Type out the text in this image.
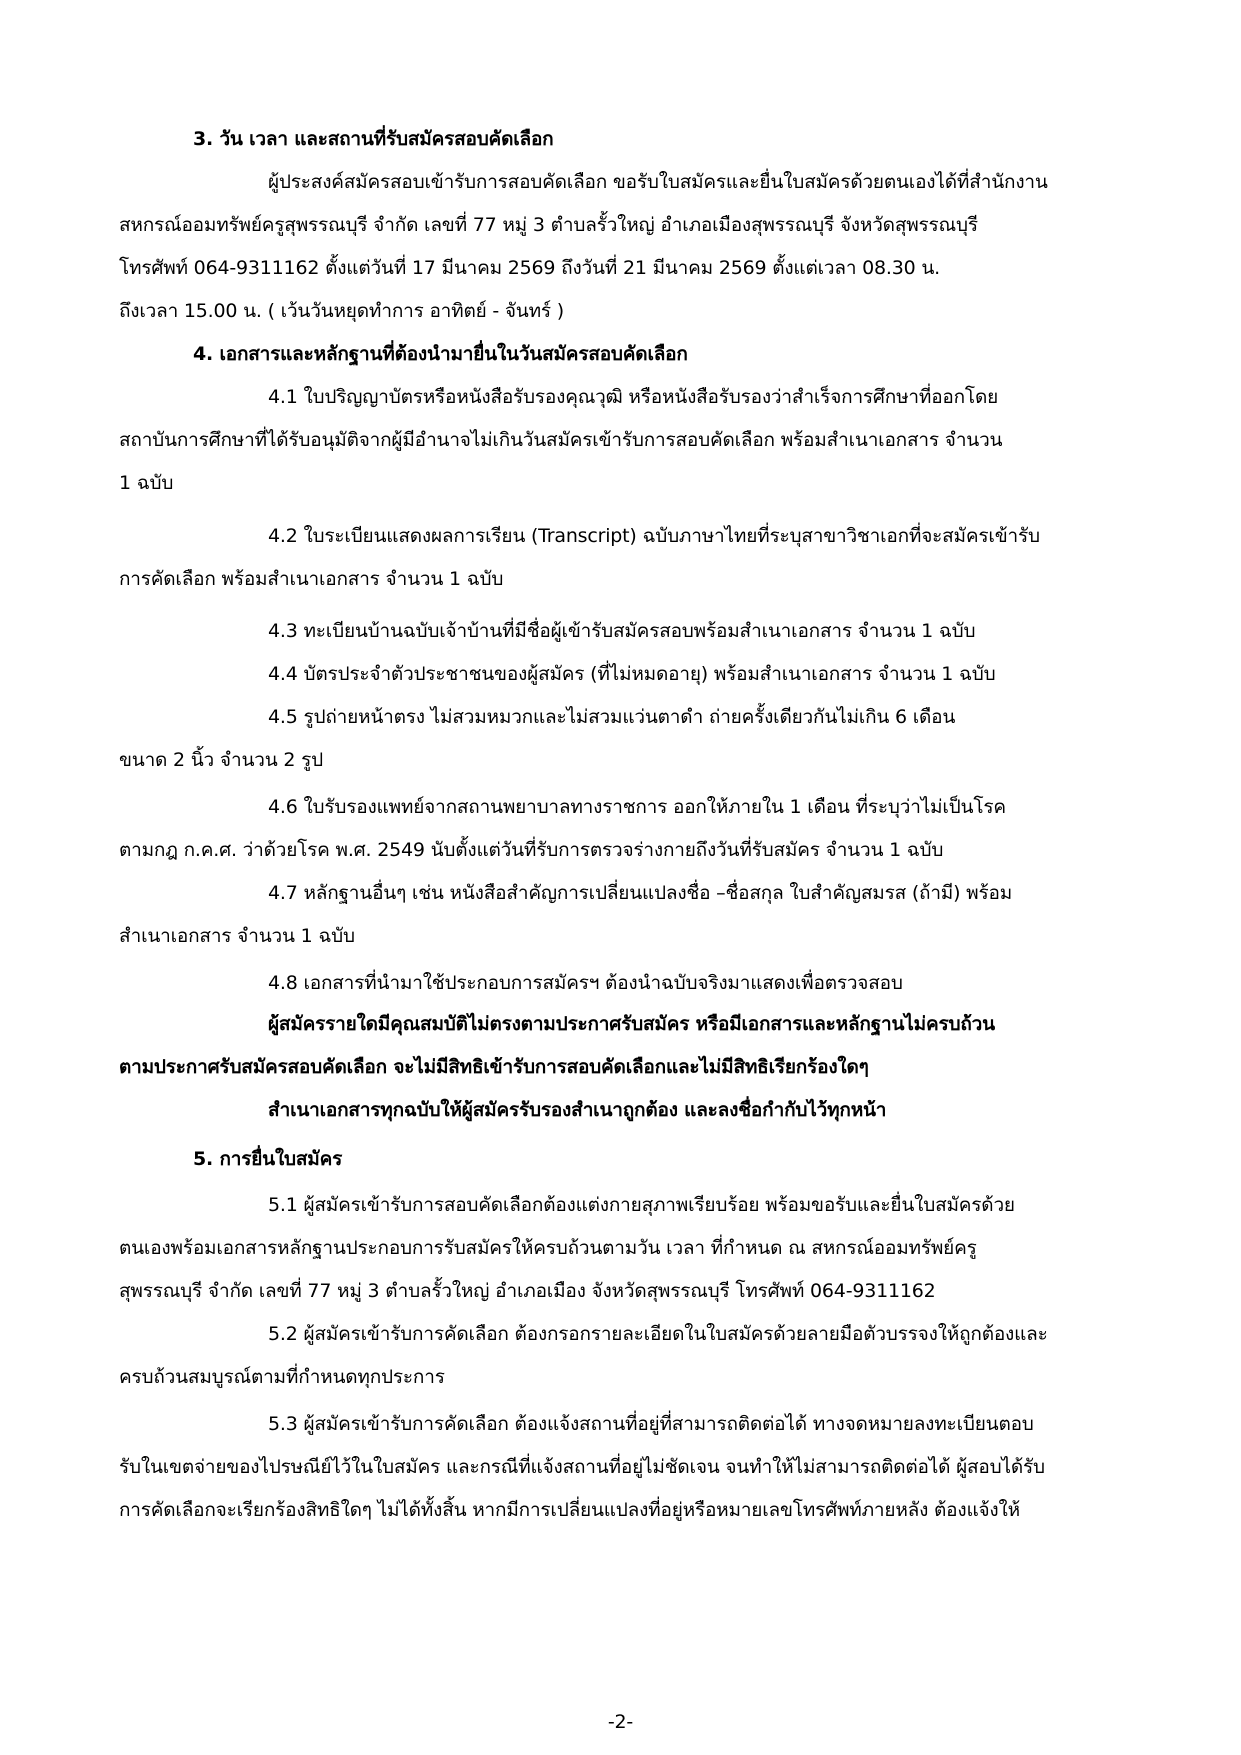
3. วัน เวลา และสถานที่รับสมัครสอบคัดเลือก
ผู้ประสงค์สมัครสอบเข้ารับการสอบคัดเลือก ขอรับใบสมัครและยื่นใบสมัครด้วยตนเองได้ที่สำนักงาน
สหกรณ์ออมทรัพย์ครูสุพรรณบุรี จำกัด เลขที่ 77 หมู่ 3 ตำบลรั้วใหญ่ อำเภอเมืองสุพรรณบุรี จังหวัดสุพรรณบุรี
โทรศัพท์ 064-9311162 ตั้งแต่วันที่ 17 มีนาคม 2569 ถึงวันที่ 21 มีนาคม 2569 ตั้งแต่เวลา 08.30 น.
ถึงเวลา 15.00 น. ( เว้นวันหยุดทำการ อาทิตย์ - จันทร์ )
4. เอกสารและหลักฐานที่ต้องนำมายื่นในวันสมัครสอบคัดเลือก
4.1 ใบปริญญาบัตรหรือหนังสือรับรองคุณวุฒิ หรือหนังสือรับรองว่าสำเร็จการศึกษาที่ออกโดย
สถาบันการศึกษาที่ได้รับอนุมัติจากผู้มีอำนาจไม่เกินวันสมัครเข้ารับการสอบคัดเลือก พร้อมสำเนาเอกสาร จำนวน
1 ฉบับ
4.2 ใบระเบียนแสดงผลการเรียน (Transcript) ฉบับภาษาไทยที่ระบุสาขาวิชาเอกที่จะสมัครเข้ารับ
การคัดเลือก พร้อมสำเนาเอกสาร จำนวน 1 ฉบับ
4.3 ทะเบียนบ้านฉบับเจ้าบ้านที่มีชื่อผู้เข้ารับสมัครสอบพร้อมสำเนาเอกสาร จำนวน 1 ฉบับ
4.4 บัตรประจำตัวประชาชนของผู้สมัคร (ที่ไม่หมดอายุ) พร้อมสำเนาเอกสาร จำนวน 1 ฉบับ
4.5 รูปถ่ายหน้าตรง ไม่สวมหมวกและไม่สวมแว่นตาดำ ถ่ายครั้งเดียวกันไม่เกิน 6 เดือน
ขนาด 2 นิ้ว จำนวน 2 รูป
4.6 ใบรับรองแพทย์จากสถานพยาบาลทางราชการ ออกให้ภายใน 1 เดือน ที่ระบุว่าไม่เป็นโรค
ตามกฎ ก.ค.ศ. ว่าด้วยโรค พ.ศ. 2549 นับตั้งแต่วันที่รับการตรวจร่างกายถึงวันที่รับสมัคร จำนวน 1 ฉบับ
4.7 หลักฐานอื่นๆ เช่น หนังสือสำคัญการเปลี่ยนแปลงชื่อ –ชื่อสกุล ใบสำคัญสมรส (ถ้ามี) พร้อม
สำเนาเอกสาร จำนวน 1 ฉบับ
4.8 เอกสารที่นำมาใช้ประกอบการสมัครฯ ต้องนำฉบับจริงมาแสดงเพื่อตรวจสอบ
ผู้สมัครรายใดมีคุณสมบัติไม่ตรงตามประกาศรับสมัคร หรือมีเอกสารและหลักฐานไม่ครบถ้วน
ตามประกาศรับสมัครสอบคัดเลือก จะไม่มีสิทธิเข้ารับการสอบคัดเลือกและไม่มีสิทธิเรียกร้องใดๆ
สำเนาเอกสารทุกฉบับให้ผู้สมัครรับรองสำเนาถูกต้อง และลงชื่อกำกับไว้ทุกหน้า
5. การยื่นใบสมัคร
5.1 ผู้สมัครเข้ารับการสอบคัดเลือกต้องแต่งกายสุภาพเรียบร้อย พร้อมขอรับและยื่นใบสมัครด้วย
ตนเองพร้อมเอกสารหลักฐานประกอบการรับสมัครให้ครบถ้วนตามวัน เวลา ที่กำหนด ณ สหกรณ์ออมทรัพย์ครู
สุพรรณบุรี จำกัด เลขที่ 77 หมู่ 3 ตำบลรั้วใหญ่ อำเภอเมือง จังหวัดสุพรรณบุรี โทรศัพท์ 064-9311162
5.2 ผู้สมัครเข้ารับการคัดเลือก ต้องกรอกรายละเอียดในใบสมัครด้วยลายมือตัวบรรจงให้ถูกต้องและ
ครบถ้วนสมบูรณ์ตามที่กำหนดทุกประการ
5.3 ผู้สมัครเข้ารับการคัดเลือก ต้องแจ้งสถานที่อยู่ที่สามารถติดต่อได้ ทางจดหมายลงทะเบียนตอบ
รับในเขตจ่ายของไปรษณีย์ไว้ในใบสมัคร และกรณีที่แจ้งสถานที่อยู่ไม่ชัดเจน จนทำให้ไม่สามารถติดต่อได้ ผู้สอบได้รับ
การคัดเลือกจะเรียกร้องสิทธิใดๆ ไม่ได้ทั้งสิ้น หากมีการเปลี่ยนแปลงที่อยู่หรือหมายเลขโทรศัพท์ภายหลัง ต้องแจ้งให้
-2-
